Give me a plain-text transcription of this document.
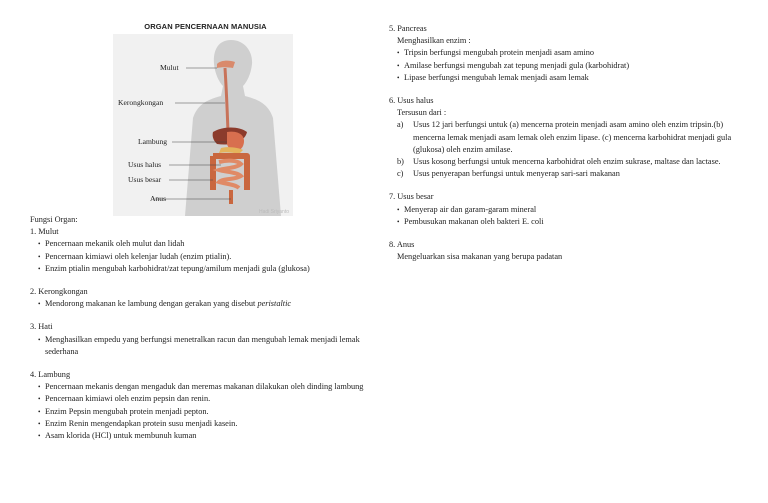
ORGAN PENCERNAAN MANUSIA
Mulut
Kerongkongan
Lambung
Usus halus
Usus besar
Anus
Hadi Sriyanto
Fungsi Organ:
1. Mulut
• Pencernaan mekanik oleh mulut dan lidah
• Pencernaan kimiawi oleh kelenjar ludah (enzim ptialin).
• Enzim ptialin mengubah karbohidrat/zat tepung/amilum menjadi gula (glukosa)
2. Kerongkongan
• Mendorong makanan ke lambung dengan gerakan yang disebut peristaltic
3. Hati
• Menghasilkan empedu yang berfungsi menetralkan racun dan mengubah lemak menjadi lemak sederhana
4. Lambung
• Pencernaan mekanis dengan mengaduk dan meremas makanan dilakukan oleh dinding lambung
• Pencernaan kimiawi oleh enzim pepsin dan renin.
• Enzim Pepsin mengubah protein menjadi pepton.
• Enzim Renin mengendapkan protein susu menjadi kasein.
• Asam klorida (HCl) untuk membunuh kuman
5. Pancreas
Menghasilkan enzim :
• Tripsin berfungsi mengubah protein menjadi asam amino
• Amilase berfungsi mengubah zat tepung menjadi gula (karbohidrat)
• Lipase berfungsi mengubah lemak menjadi asam lemak
6. Usus halus
Tersusun dari :
a) Usus 12 jari berfungsi untuk (a) mencerna protein menjadi asam amino oleh enzim tripsin.(b) mencerna lemak menjadi asam lemak oleh enzim lipase. (c) mencerna karbohidrat menjadi gula (glukosa) oleh enzim amilase.
b) Usus kosong berfungsi untuk mencerna karbohidrat oleh enzim sukrase, maltase dan lactase.
c) Usus penyerapan berfungsi untuk menyerap sari-sari makanan
7. Usus besar
• Menyerap air dan garam-garam mineral
• Pembusukan makanan oleh bakteri E. coli
8. Anus
Mengeluarkan sisa makanan yang berupa padatan
